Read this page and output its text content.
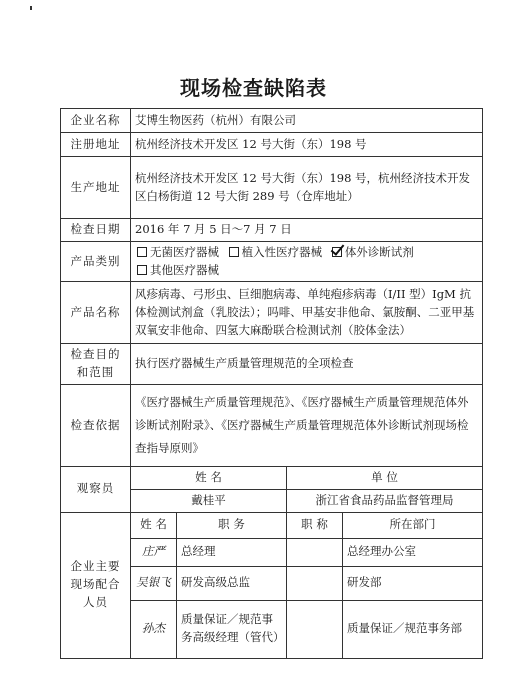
现场检查缺陷表
企业名称	艾博生物医药（杭州）有限公司			
注册地址	杭州经济技术开发区 12 号大街（东）198 号			
生产地址	杭州经济技术开发区 12 号大街（东）198 号，杭州经济技术开发区白杨街道 12 号大街 289 号（仓库地址）			
检查日期	2016 年 7 月 5 日～7 月 7 日			
产品类别	无菌医疗器械 植入性医疗器械 体外诊断试剂
其他医疗器械			
产品名称	风疹病毒、弓形虫、巨细胞病毒、单纯疱疹病毒（I/II 型）IgM 抗体检测试剂盒（乳胶法）；吗啡、甲基安非他命、氯胺酮、二亚甲基双氧安非他命、四氢大麻酚联合检测试剂（胶体金法）			
检查目的和范围	执行医疗器械生产质量管理规范的全项检查			
检查依据	《医疗器械生产质量管理规范》、《医疗器械生产质量管理规范体外诊断试剂附录》、《医疗器械生产质量管理规范体外诊断试剂现场检查指导原则》			
观察员	姓 名		单 位	
	戴桂平		浙江省食品药品监督管理局	
企业主要现场配合人员	姓 名	职 务	职 称	所在部门
	庄严	总经理		总经理办公室
	吴银飞	研发高级总监		研发部
	孙杰	质量保证／规范事务高级经理（管代）		质量保证／规范事务部
